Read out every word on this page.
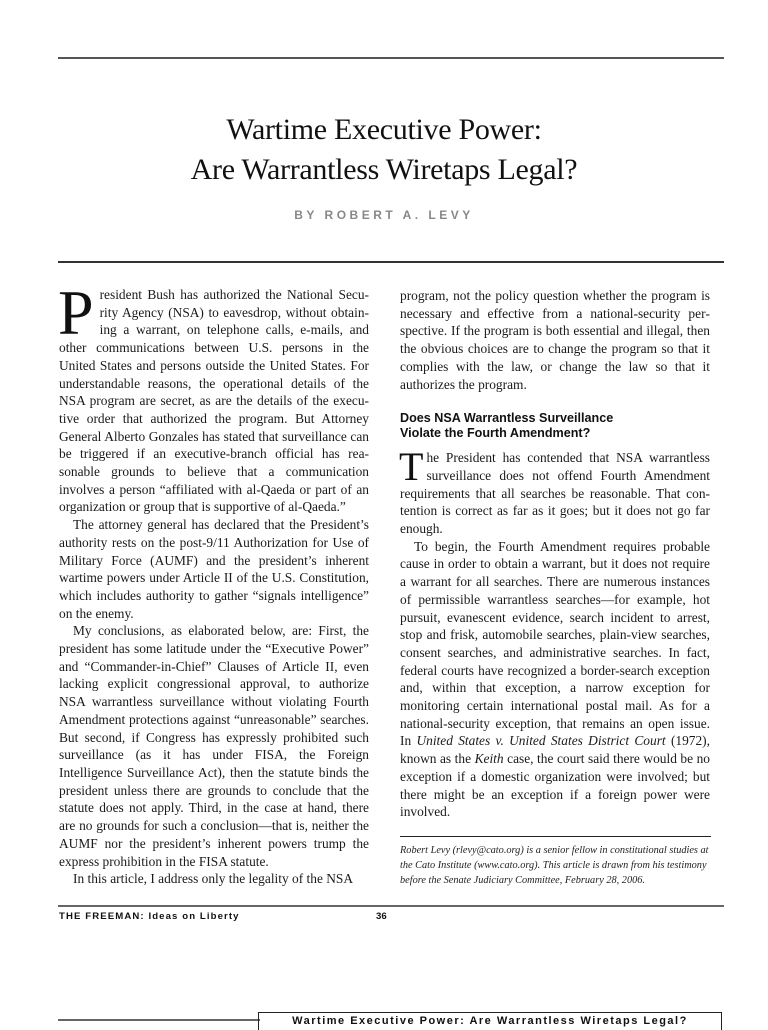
Wartime Executive Power:
Are Warrantless Wiretaps Legal?
BY ROBERT A. LEVY

President Bush has authorized the National Security Agency (NSA) to eavesdrop, without obtaining a warrant, on telephone calls, e-mails, and other communications between U.S. persons in the United States and persons outside the United States. For understandable reasons, the operational details of the NSA program are secret, as are the details of the executive order that authorized the program. But Attorney General Alberto Gonzales has stated that surveillance can be triggered if an executive-branch official has reasonable grounds to believe that a communication involves a person “affiliated with al-Qaeda or part of an organization or group that is supportive of al-Qaeda.”

The attorney general has declared that the President’s authority rests on the post-9/11 Authorization for Use of Military Force (AUMF) and the president’s inherent wartime powers under Article II of the U.S. Constitution, which includes authority to gather “signals intelligence” on the enemy.

My conclusions, as elaborated below, are: First, the president has some latitude under the “Executive Power” and “Commander-in-Chief” Clauses of Article II, even lacking explicit congressional approval, to authorize NSA warrantless surveillance without violating Fourth Amendment protections against “unreasonable” searches. But second, if Congress has expressly prohibited such surveillance (as it has under FISA, the Foreign Intelligence Surveillance Act), then the statute binds the president unless there are grounds to conclude that the statute does not apply. Third, in the case at hand, there are no grounds for such a conclusion—that is, neither the AUMF nor the president’s inherent powers trump the express prohibition in the FISA statute.

In this article, I address only the legality of the NSA

program, not the policy question whether the program is necessary and effective from a national-security perspective. If the program is both essential and illegal, then the obvious choices are to change the program so that it complies with the law, or change the law so that it authorizes the program.

Does NSA Warrantless Surveillance
Violate the Fourth Amendment?

The President has contended that NSA warrantless surveillance does not offend Fourth Amendment requirements that all searches be reasonable. That contention is correct as far as it goes; but it does not go far enough.

To begin, the Fourth Amendment requires probable cause in order to obtain a warrant, but it does not require a warrant for all searches. There are numerous instances of permissible warrantless searches—for example, hot pursuit, evanescent evidence, search incident to arrest, stop and frisk, automobile searches, plain-view searches, consent searches, and administrative searches. In fact, federal courts have recognized a border-search exception and, within that exception, a narrow exception for monitoring certain international postal mail. As for a national-security exception, that remains an open issue. In United States v. United States District Court (1972), known as the Keith case, the court said there would be no exception if a domestic organization were involved; but there might be an exception if a foreign power were involved.

Robert Levy (rlevy@cato.org) is a senior fellow in constitutional studies at the Cato Institute (www.cato.org). This article is drawn from his testimony before the Senate Judiciary Committee, February 28, 2006.
THE FREEMAN: Ideas on Liberty	36
Wartime Executive Power: Are Warrantless Wiretaps Legal?
